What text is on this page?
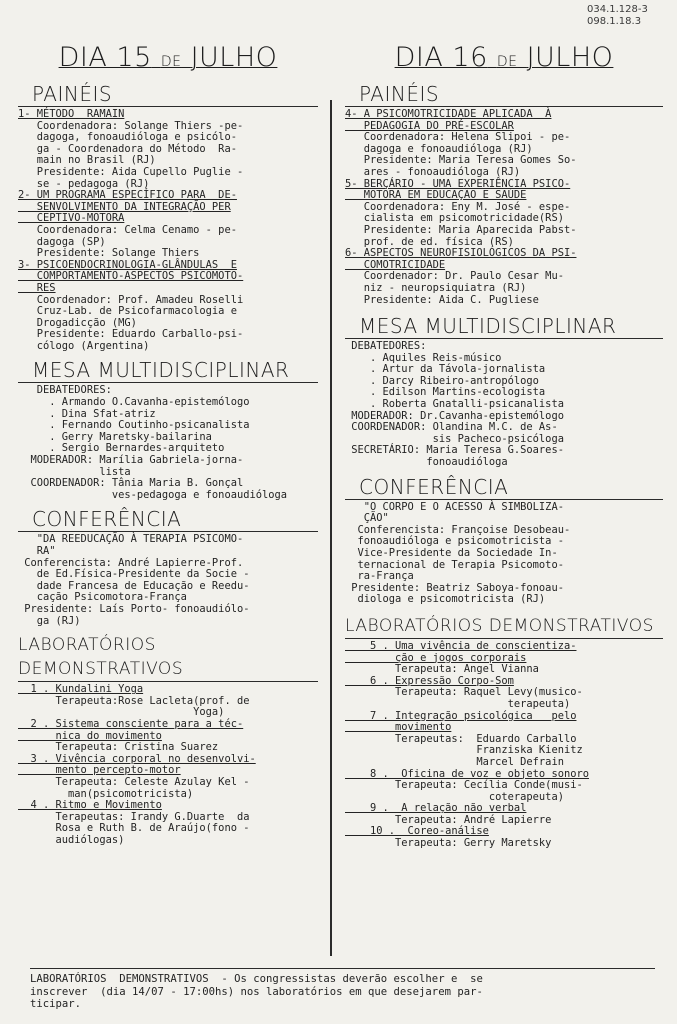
034.1.128-3
098.1.18.3
DIA 15 DE JULHO
PAINÉIS

1- MÉTODO  RAMAIN

Coordenadora: Solange Thiers -pe-

dagoga, fonoaudióloga e psicólo-

ga - Coordenadora do Método  Ra-

main no Brasil (RJ)

Presidente: Aida Cupello Puglie -

se - pedagoga (RJ)

2- UM PROGRAMA ESPECÍFICO PARA  DE-

SENVOLVIMENTO DA INTEGRAÇÃO PER

CEPTIVO-MOTORA

Coordenadora: Celma Cenamo - pe-

dagoga (SP)

Presidente: Solange Thiers

3- PSICOENDOCRINOLOGIA-GLÂNDULAS  E

COMPORTAMENTO-ASPECTOS PSICOMOTO-

RES

Coordenador: Prof. Amadeu Roselli

Cruz-Lab. de Psicofarmacologia e

Drogadicção (MG)

Presidente: Eduardo Carballo-psi-

cólogo (Argentina)

MESA MULTIDISCIPLINAR

DEBATEDORES:

. Armando O.Cavanha-epistemólogo

. Dina Sfat-atriz

. Fernando Coutinho-psicanalista

. Gerry Maretsky-bailarina

. Sergio Bernardes-arquiteto

MODERADOR: Marília Gabriela-jorna-

lista

COORDENADOR: Tânia Maria B. Gonçal

ves-pedagoga e fonoaudióloga

CONFERÊNCIA

"DA REEDUCAÇÃO À TERAPIA PSICOMO-

RA"

Conferencista: André Lapierre-Prof.

de Ed.Física-Presidente da Socie -

dade Francesa de Educação e Reedu-

cação Psicomotora-França

Presidente: Laís Porto- fonoaudiólo-

ga (RJ)

LABORATÓRIOS DEMONSTRATIVOS

1 . Kundalini Yoga

Terapeuta:Rose Lacleta(prof. de

Yoga)

2 . Sistema consciente para a téc-

nica do movimento

Terapeuta: Cristina Suarez

3 . Vivência corporal no desenvolvi-

mento percepto-motor

Terapeuta: Celeste Azulay Kel -

man(psicomotricista)

4 . Ritmo e Movimento

Terapeutas: Irandy G.Duarte  da

Rosa e Ruth B. de Araújo(fono -

audiólogas)

DIA 16 DE JULHO
PAINÉIS

4- A PSICOMOTRICIDADE APLICADA  À

PEDAGOGIA DO PRÉ-ESCOLAR

Coordenadora: Helena Slipoi - pe-

dagoga e fonoaudióloga (RJ)

Presidente: Maria Teresa Gomes So-

ares - fonoaudióloga (RJ)

5- BERÇÁRIO - UMA EXPERIÊNCIA PSICO-

MOTORA EM EDUCAÇÃO E SAÚDE

Coordenadora: Eny M. José - espe-

cialista em psicomotricidade(RS)

Presidente: Maria Aparecida Pabst-

prof. de ed. física (RS)

6- ASPECTOS NEUROFISIOLÓGICOS DA PSI-

COMOTRICIDADE

Coordenador: Dr. Paulo Cesar Mu-

niz - neuropsiquiatra (RJ)

Presidente: Aida C. Pugliese

MESA MULTIDISCIPLINAR

DEBATEDORES:

. Aquiles Reis-músico

. Artur da Távola-jornalista

. Darcy Ribeiro-antropólogo

. Edilson Martins-ecologista

. Roberta Gnatalli-psicanalista

MODERADOR: Dr.Cavanha-epistemólogo

COORDENADOR: Olandina M.C. de As-

sis Pacheco-psicóloga

SECRETÁRIO: Maria Teresa G.Soares-

fonoaudióloga

CONFERÊNCIA

"O CORPO E O ACESSO À SIMBOLIZA-

ÇÃO"

Conferencista: Françoise Desobeau-

fonoaudióloga e psicomotricista -

Vice-Presidente da Sociedade In-

ternacional de Terapia Psicomoto-

ra-França

Presidente: Beatriz Saboya-fonoau-

diologa e psicomotricista (RJ)

LABORATÓRIOS DEMONSTRATIVOS

5 . Uma vivência de conscientiza-

ção e jogos corporais

Terapeuta: Angel Vianna

6 . Expressão Corpo-Som

Terapeuta: Raquel Levy(musico-

terapeuta)

7 . Integração psicológica   pelo

movimento

Terapeutas:  Eduardo Carballo

Franziska Kienitz

Marcel Defrain

8 .  Oficina de voz e objeto sonoro

Terapeuta: Cecília Conde(musi-

coterapeuta)

9 .  A relação não verbal

Terapeuta: André Lapierre

10 .  Coreo-análise

Terapeuta: Gerry Maretsky

LABORATÓRIOS  DEMONSTRATIVOS  - Os congressistas deverão escolher e  se

inscrever  (dia 14/07 - 17:00hs) nos laboratórios em que desejarem par-

ticipar.
